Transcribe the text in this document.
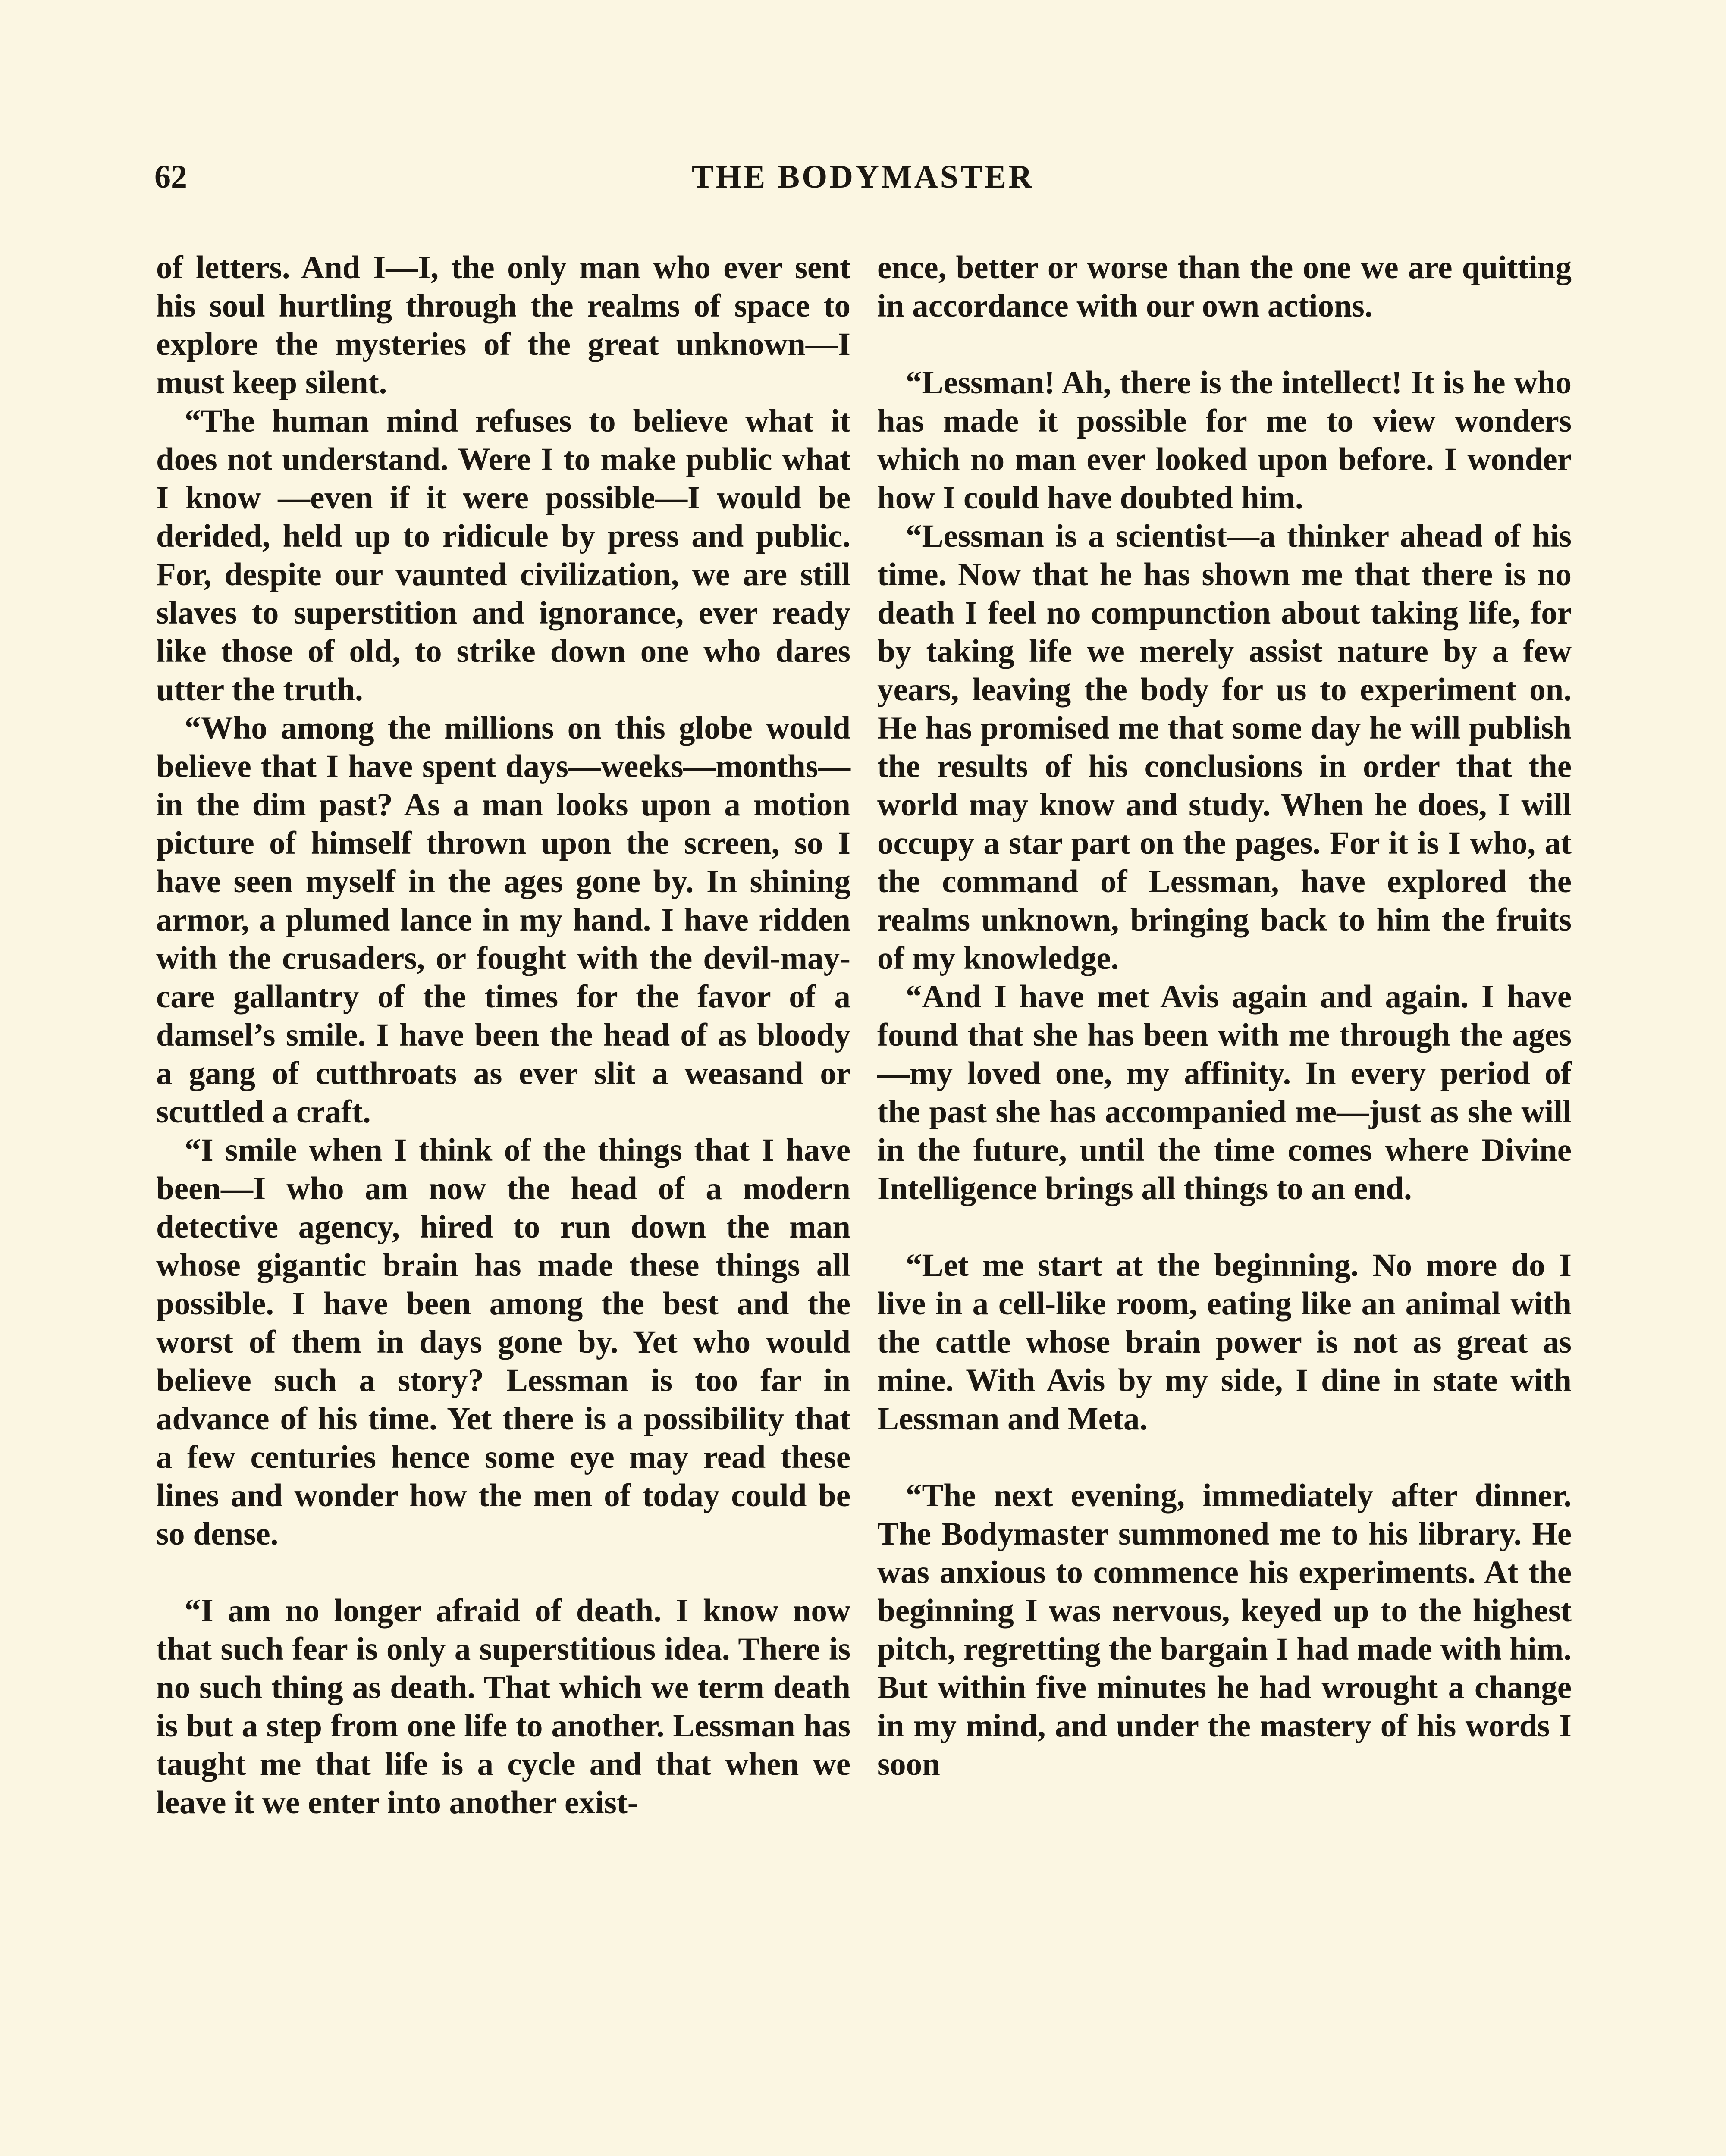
62	THE BODYMASTER

of letters. And I—I, the only man who ever sent his soul hurtling through the realms of space to explore the mysteries of the great unknown—I must keep silent.

“The human mind refuses to believe what it does not understand. Were I to make public what I know —even if it were possible—I would be derided, held up to ridicule by press and public. For, despite our vaunted civilization, we are still slaves to superstition and ignorance, ever ready like those of old, to strike down one who dares utter the truth.

“Who among the millions on this globe would believe that I have spent days—weeks—months—in the dim past? As a man looks upon a motion picture of himself thrown upon the screen, so I have seen myself in the ages gone by. In shining armor, a plumed lance in my hand. I have ridden with the crusaders, or fought with the devil-may-care gallantry of the times for the favor of a damsel’s smile. I have been the head of as bloody a gang of cutthroats as ever slit a weasand or scuttled a craft.

“I smile when I think of the things that I have been—I who am now the head of a modern detective agency, hired to run down the man whose gigantic brain has made these things all possible. I have been among the best and the worst of them in days gone by. Yet who would believe such a story? Lessman is too far in advance of his time. Yet there is a possibility that a few centuries hence some eye may read these lines and wonder how the men of today could be so dense.

“I am no longer afraid of death. I know now that such fear is only a superstitious idea. There is no such thing as death. That which we term death is but a step from one life to another. Lessman has taught me that life is a cycle and that when we leave it we enter into another exist-

ence, better or worse than the one we are quitting in accordance with our own actions.

“Lessman! Ah, there is the intellect! It is he who has made it possible for me to view wonders which no man ever looked upon before. I wonder how I could have doubted him.

“Lessman is a scientist—a thinker ahead of his time. Now that he has shown me that there is no death I feel no compunction about taking life, for by taking life we merely assist nature by a few years, leaving the body for us to experiment on. He has promised me that some day he will publish the results of his conclusions in order that the world may know and study. When he does, I will occupy a star part on the pages. For it is I who, at the command of Lessman, have explored the realms unknown, bringing back to him the fruits of my knowledge.

“And I have met Avis again and again. I have found that she has been with me through the ages—my loved one, my affinity. In every period of the past she has accompanied me—just as she will in the future, until the time comes where Divine Intelligence brings all things to an end.

“Let me start at the beginning. No more do I live in a cell-like room, eating like an animal with the cattle whose brain power is not as great as mine. With Avis by my side, I dine in state with Lessman and Meta.

“The next evening, immediately after dinner. The Bodymaster summoned me to his library. He was anxious to commence his experiments. At the beginning I was nervous, keyed up to the highest pitch, regretting the bargain I had made with him. But within five minutes he had wrought a change in my mind, and under the mastery of his words I soon
